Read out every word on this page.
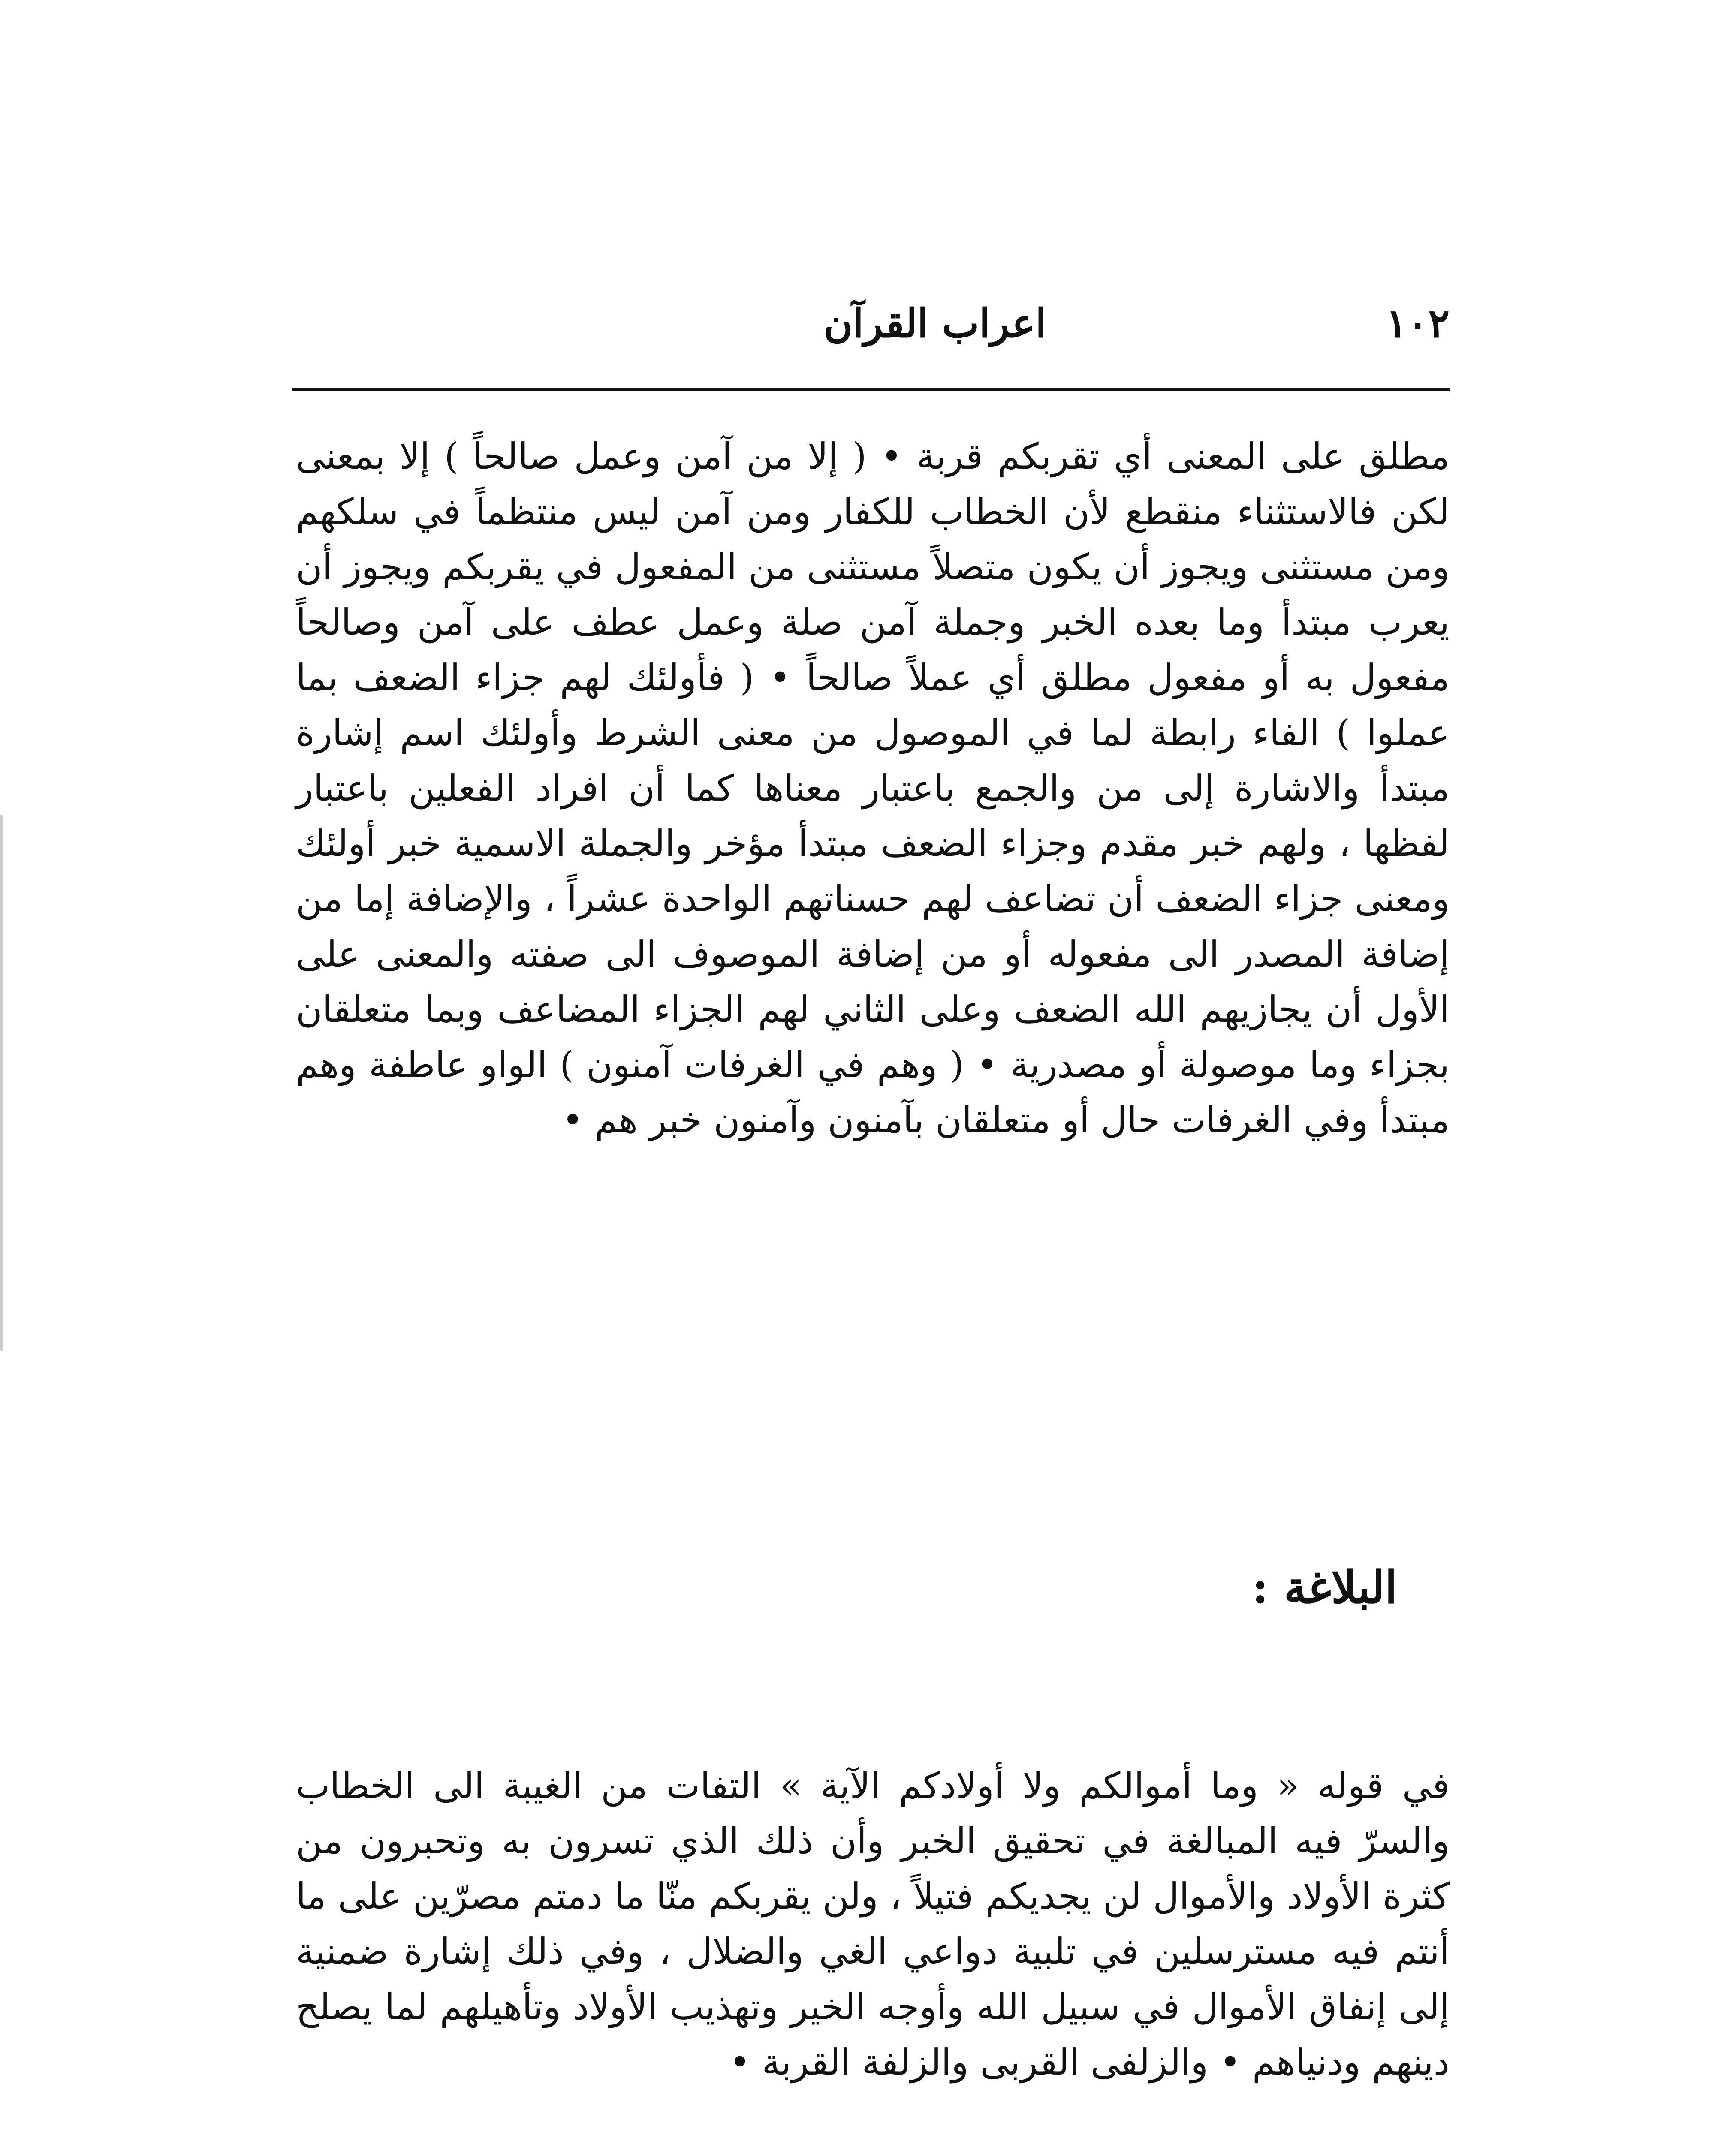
١٠٢
اعراب القرآن

مطلق على المعنى أي تقربكم قربة • ( إلا من آمن وعمل صالحاً ) إلا بمعنى لكن فالاستثناء منقطع لأن الخطاب للكفار ومن آمن ليس منتظماً في سلكهم ومن مستثنى ويجوز أن يكون متصلاً مستثنى من المفعول في يقربكم ويجوز أن يعرب مبتدأ وما بعده الخبر وجملة آمن صلة وعمل عطف على آمن وصالحاً مفعول به أو مفعول مطلق أي عملاً صالحاً • ( فأولئك لهم جزاء الضعف بما عملوا ) الفاء رابطة لما في الموصول من معنى الشرط وأولئك اسم إشارة مبتدأ والاشارة إلى من والجمع باعتبار معناها كما أن افراد الفعلين باعتبار لفظها ، ولهم خبر مقدم وجزاء الضعف مبتدأ مؤخر والجملة الاسمية خبر أولئك ومعنى جزاء الضعف أن تضاعف لهم حسناتهم الواحدة عشراً ، والإضافة إما من إضافة المصدر الى مفعوله أو من إضافة الموصوف الى صفته والمعنى على الأول أن يجازيهم الله الضعف وعلى الثاني لهم الجزاء المضاعف وبما متعلقان بجزاء وما موصولة أو مصدرية • ( وهم في الغرفات آمنون ) الواو عاطفة وهم مبتدأ وفي الغرفات حال أو متعلقان بآمنون وآمنون خبر هم •

البلاغة :

في قوله « وما أموالكم ولا أولادكم الآية » التفات من الغيبة الى الخطاب والسرّ فيه المبالغة في تحقيق الخبر وأن ذلك الذي تسرون به وتحبرون من كثرة الأولاد والأموال لن يجديكم فتيلاً ، ولن يقربكم منّا ما دمتم مصرّين على ما أنتم فيه مسترسلين في تلبية دواعي الغي والضلال ، وفي ذلك إشارة ضمنية إلى إنفاق الأموال في سبيل الله وأوجه الخير وتهذيب الأولاد وتأهيلهم لما يصلح دينهم ودنياهم • والزلفى القربى والزلفة القربة •
